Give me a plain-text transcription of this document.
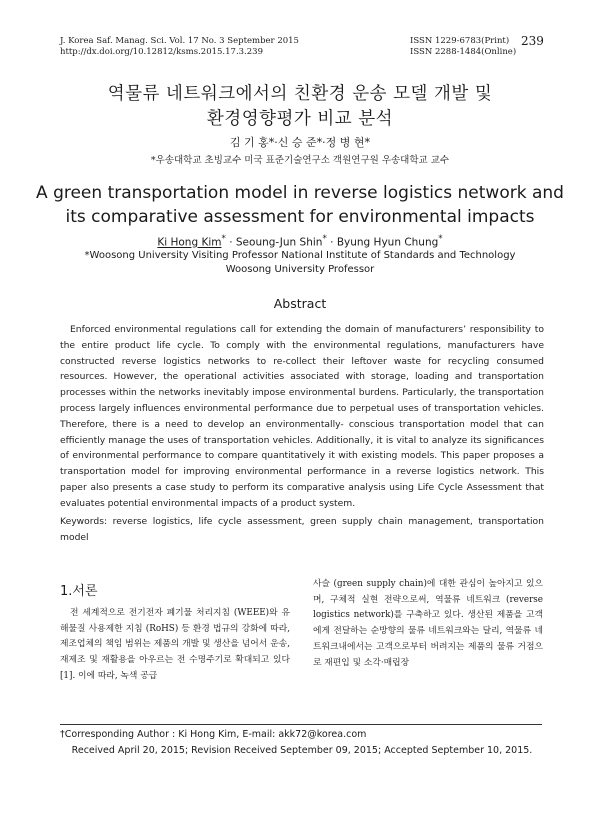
J. Korea Saf. Manag. Sci. Vol. 17 No. 3 September 2015
http://dx.doi.org/10.12812/ksms.2015.17.3.239
ISSN 1229-6783(Print)
ISSN 2288-1484(Online)
239
역물류 네트워크에서의 친환경 운송 모델 개발 및
환경영향평가 비교 분석
김 기 홍*·신 승 준*·정 병 현*
*우송대학교 초빙교수 미국 표준기술연구소 객원연구원 우송대학교 교수
A green transportation model in reverse logistics network and
its comparative assessment for environmental impacts
Ki Hong Kim* · Seoung-Jun Shin* · Byung Hyun Chung*
*Woosong University Visiting Professor National Institute of Standards and Technology
Woosong University Professor
Abstract

Enforced environmental regulations call for extending the domain of manufacturers’ responsibility to the entire product life cycle. To comply with the environmental regulations, manufacturers have constructed reverse logistics networks to re-collect their leftover waste for recycling consumed resources. However, the operational activities associated with storage, loading and transportation processes within the networks inevitably impose environmental burdens. Particularly, the transportation process largely influences environmental performance due to perpetual uses of transportation vehicles. Therefore, there is a need to develop an environmentally- conscious transportation model that can efficiently manage the uses of transportation vehicles. Additionally, it is vital to analyze its significances of environmental performance to compare quantitatively it with existing models. This paper proposes a transportation model for improving environmental performance in a reverse logistics network. This paper also presents a case study to perform its comparative analysis using Life Cycle Assessment that evaluates potential environmental impacts of a product system.

Keywords: reverse logistics, life cycle assessment, green supply chain management, transportation model
1.서론

전 세계적으로 전기전자 폐기물 처리지침 (WEEE)와 유해물질 사용제한 지침 (RoHS) 등 환경 법규의 강화에 따라, 제조업체의 책임 범위는 제품의 개발 및 생산을 넘어서 운송, 재제조 및 재활용을 아우르는 전 수명주기로 확대되고 있다 [1]. 이에 따라, 녹색 공급

사슬 (green supply chain)에 대한 관심이 높아지고 있으며, 구체적 실현 전략으로써, 역물류 네트워크 (reverse logistics network)를 구축하고 있다. 생산된 제품을 고객에게 전달하는 순방향의 물류 네트워크와는 달리, 역물류 네트워크내에서는 고객으로부터 버려지는 제품의 물류 거점으로 재편입 및 소각·매립장

†Corresponding Author : Ki Hong Kim, E-mail: akk72@korea.com
Received April 20, 2015; Revision Received September 09, 2015; Accepted September 10, 2015.
